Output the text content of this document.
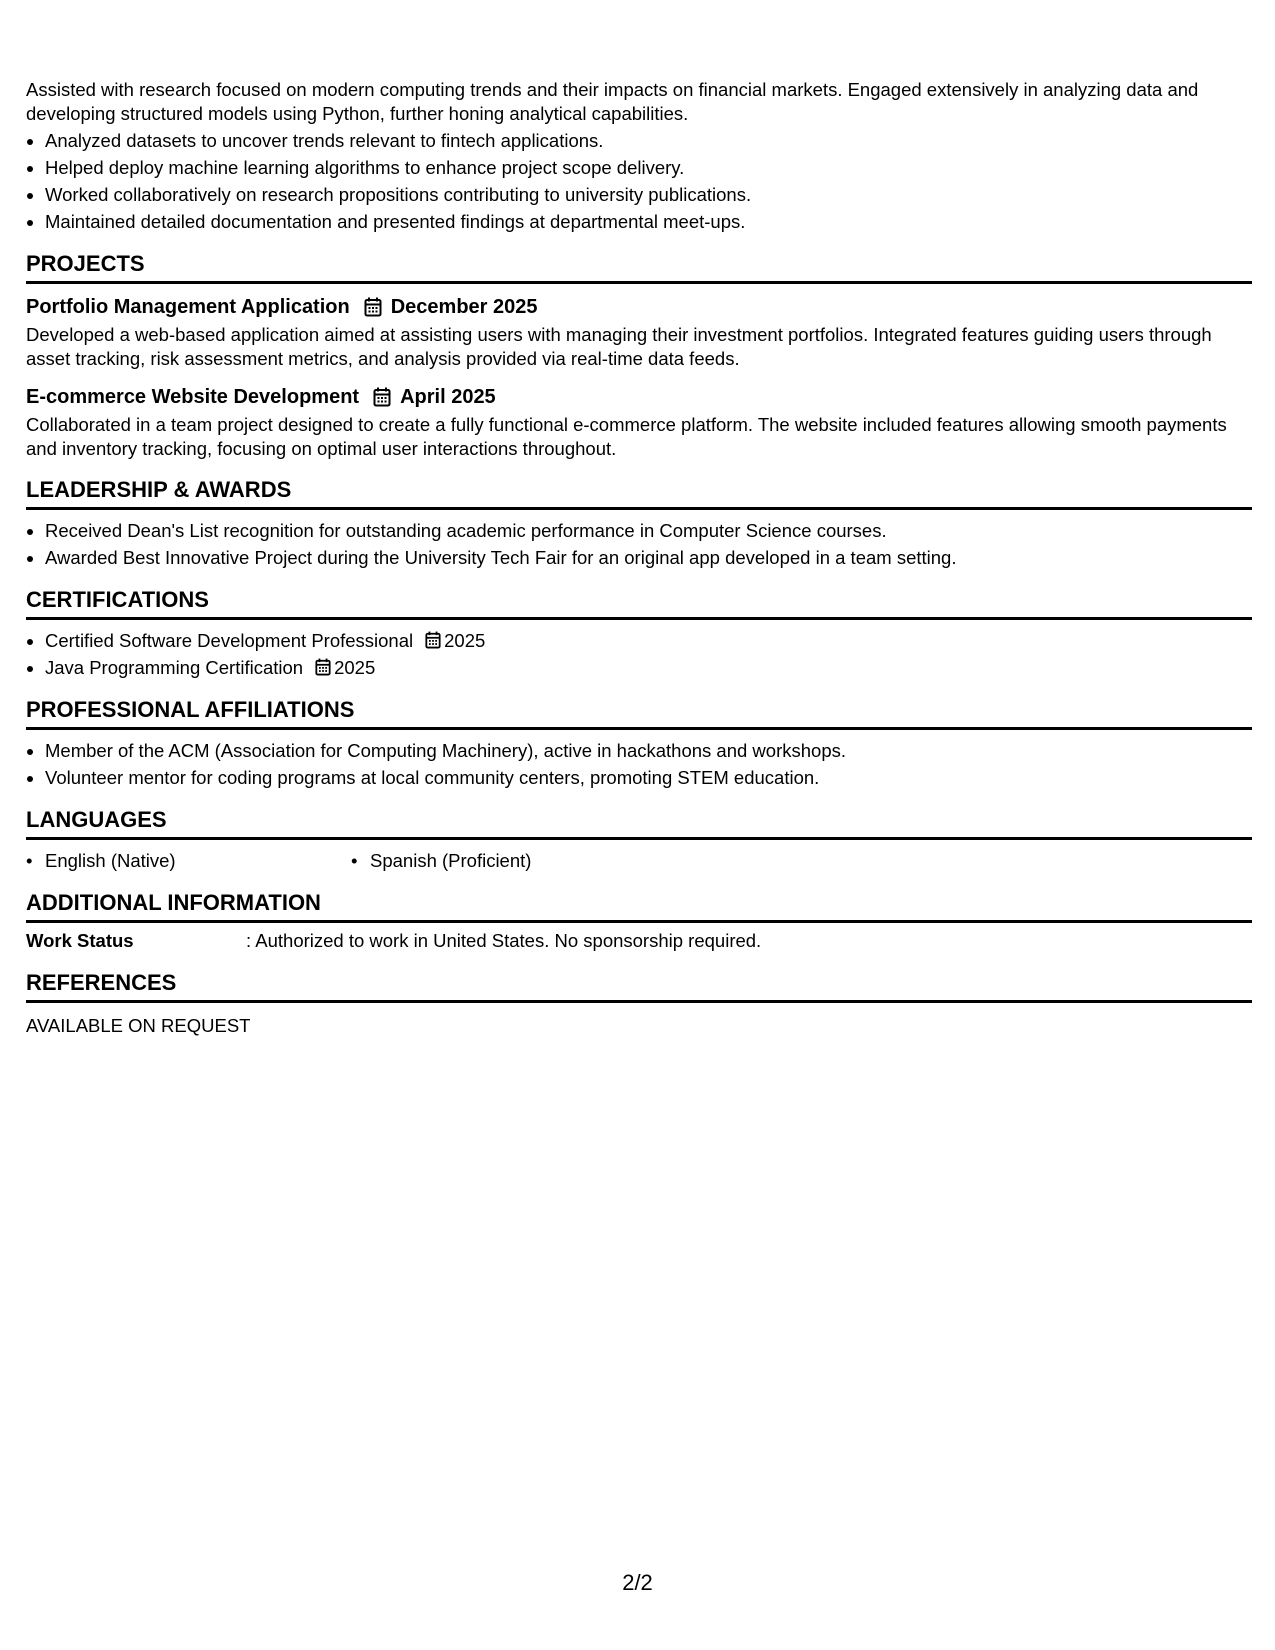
Assisted with research focused on modern computing trends and their impacts on financial markets. Engaged extensively in analyzing data and developing structured models using Python, further honing analytical capabilities.

• Analyzed datasets to uncover trends relevant to fintech applications.
• Helped deploy machine learning algorithms to enhance project scope delivery.
• Worked collaboratively on research propositions contributing to university publications.
• Maintained detailed documentation and presented findings at departmental meet-ups.
PROJECTS
Portfolio Management Application December 2025

Developed a web-based application aimed at assisting users with managing their investment portfolios. Integrated features guiding users through asset tracking, risk assessment metrics, and analysis provided via real-time data feeds.

E-commerce Website Development April 2025

Collaborated in a team project designed to create a fully functional e-commerce platform. The website included features allowing smooth payments and inventory tracking, focusing on optimal user interactions throughout.

LEADERSHIP & AWARDS
• Received Dean's List recognition for outstanding academic performance in Computer Science courses.
• Awarded Best Innovative Project during the University Tech Fair for an original app developed in a team setting.
CERTIFICATIONS
• Certified Software Development Professional 2025
• Java Programming Certification 2025
PROFESSIONAL AFFILIATIONS
• Member of the ACM (Association for Computing Machinery), active in hackathons and workshops.
• Volunteer mentor for coding programs at local community centers, promoting STEM education.
LANGUAGES
• English (Native)
•	Spanish (Proficient)
ADDITIONAL INFORMATION
Work Status	: Authorized to work in United States. No sponsorship required.
REFERENCES
AVAILABLE ON REQUEST
2/2
